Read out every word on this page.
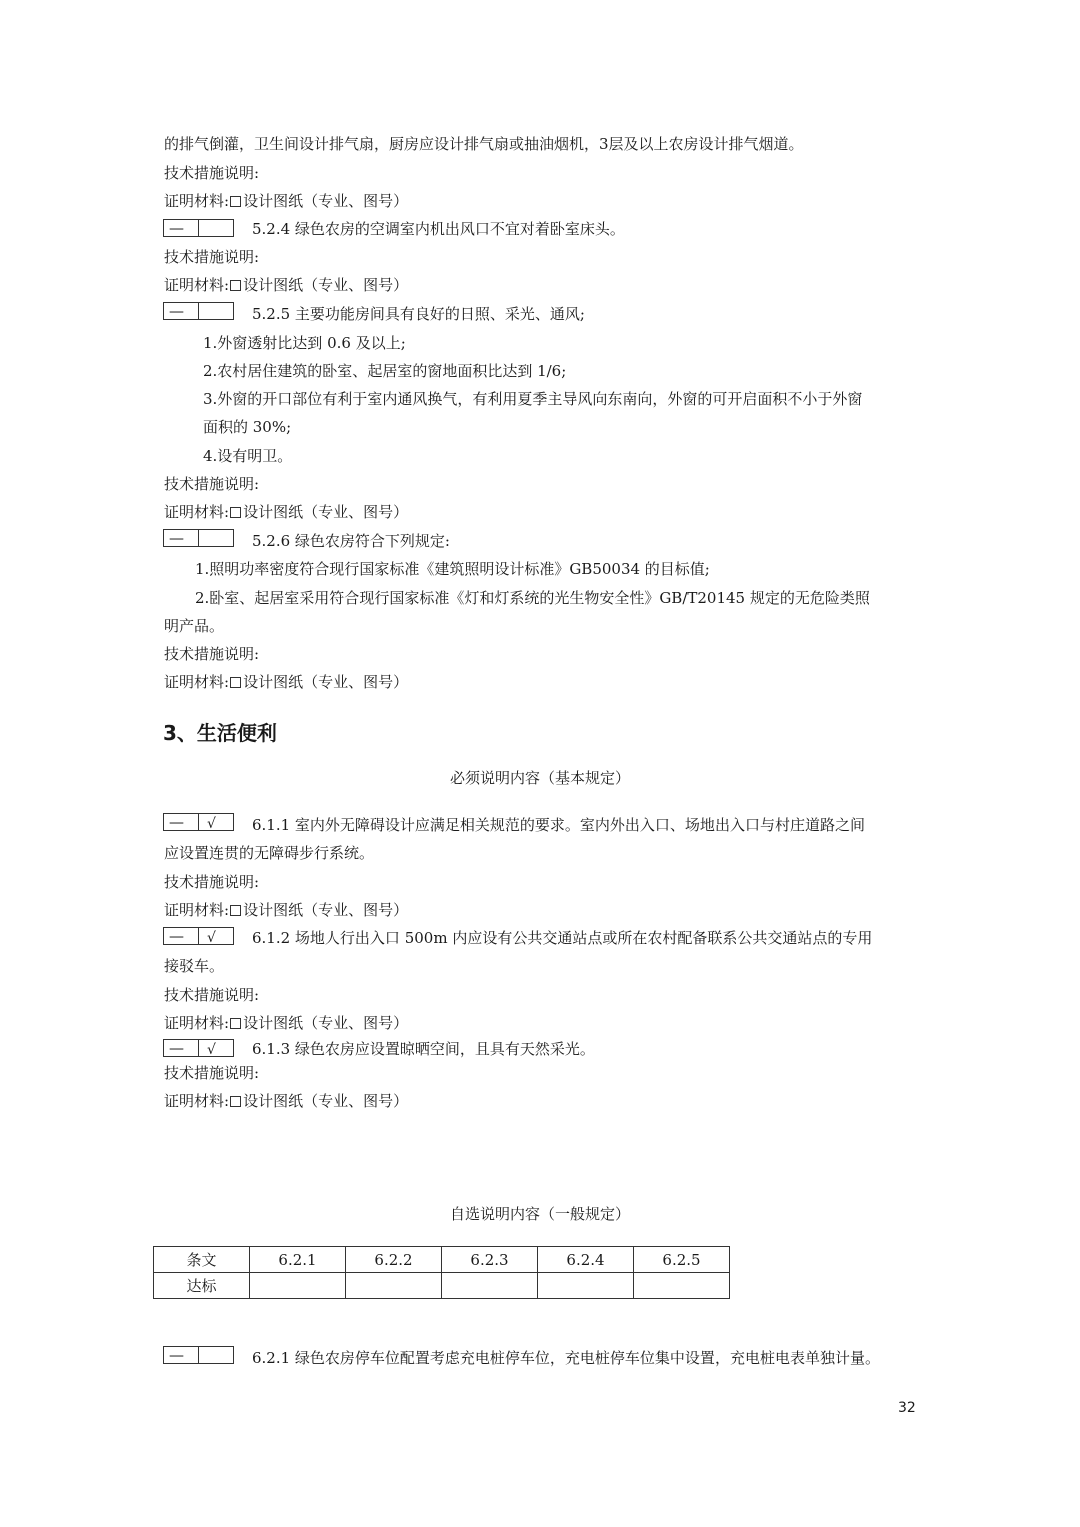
的排气倒灌，卫生间设计排气扇，厨房应设计排气扇或抽油烟机，3层及以上农房设计排气烟道。
技术措施说明:
证明材料: 设计图纸（专业、图号）
—	5.2.4 绿色农房的空调室内机出风口不宜对着卧室床头。
技术措施说明:
证明材料: 设计图纸（专业、图号）
—	5.2.5 主要功能房间具有良好的日照、采光、通风;
1.外窗透射比达到 0.6 及以上;
2.农村居住建筑的卧室、起居室的窗地面积比达到 1/6;
3.外窗的开口部位有利于室内通风换气，有利用夏季主导风向东南向，外窗的可开启面积不小于外窗
面积的 30%;
4.设有明卫。
技术措施说明:
证明材料: 设计图纸（专业、图号）
—	5.2.6 绿色农房符合下列规定:
1.照明功率密度符合现行国家标准《建筑照明设计标准》GB50034 的目标值;
2.卧室、起居室采用符合现行国家标准《灯和灯系统的光生物安全性》GB/T20145 规定的无危险类照
明产品。
技术措施说明:
证明材料: 设计图纸（专业、图号）
3、生活便利
必须说明内容（基本规定）
— √ 6.1.1 室内外无障碍设计应满足相关规范的要求。室内外出入口、场地出入口与村庄道路之间
应设置连贯的无障碍步行系统。
技术措施说明:
证明材料: 设计图纸（专业、图号）
— √ 6.1.2 场地人行出入口 500m 内应设有公共交通站点或所在农村配备联系公共交通站点的专用
接驳车。
技术措施说明:
证明材料: 设计图纸（专业、图号）
— √ 6.1.3 绿色农房应设置晾晒空间，且具有天然采光。
技术措施说明:
证明材料: 设计图纸（专业、图号）
自选说明内容（一般规定）
条文	6.2.1	6.2.2	6.2.3	6.2.4	6.2.5
达标					
—	6.2.1 绿色农房停车位配置考虑充电桩停车位，充电桩停车位集中设置，充电桩电表单独计量。
32
